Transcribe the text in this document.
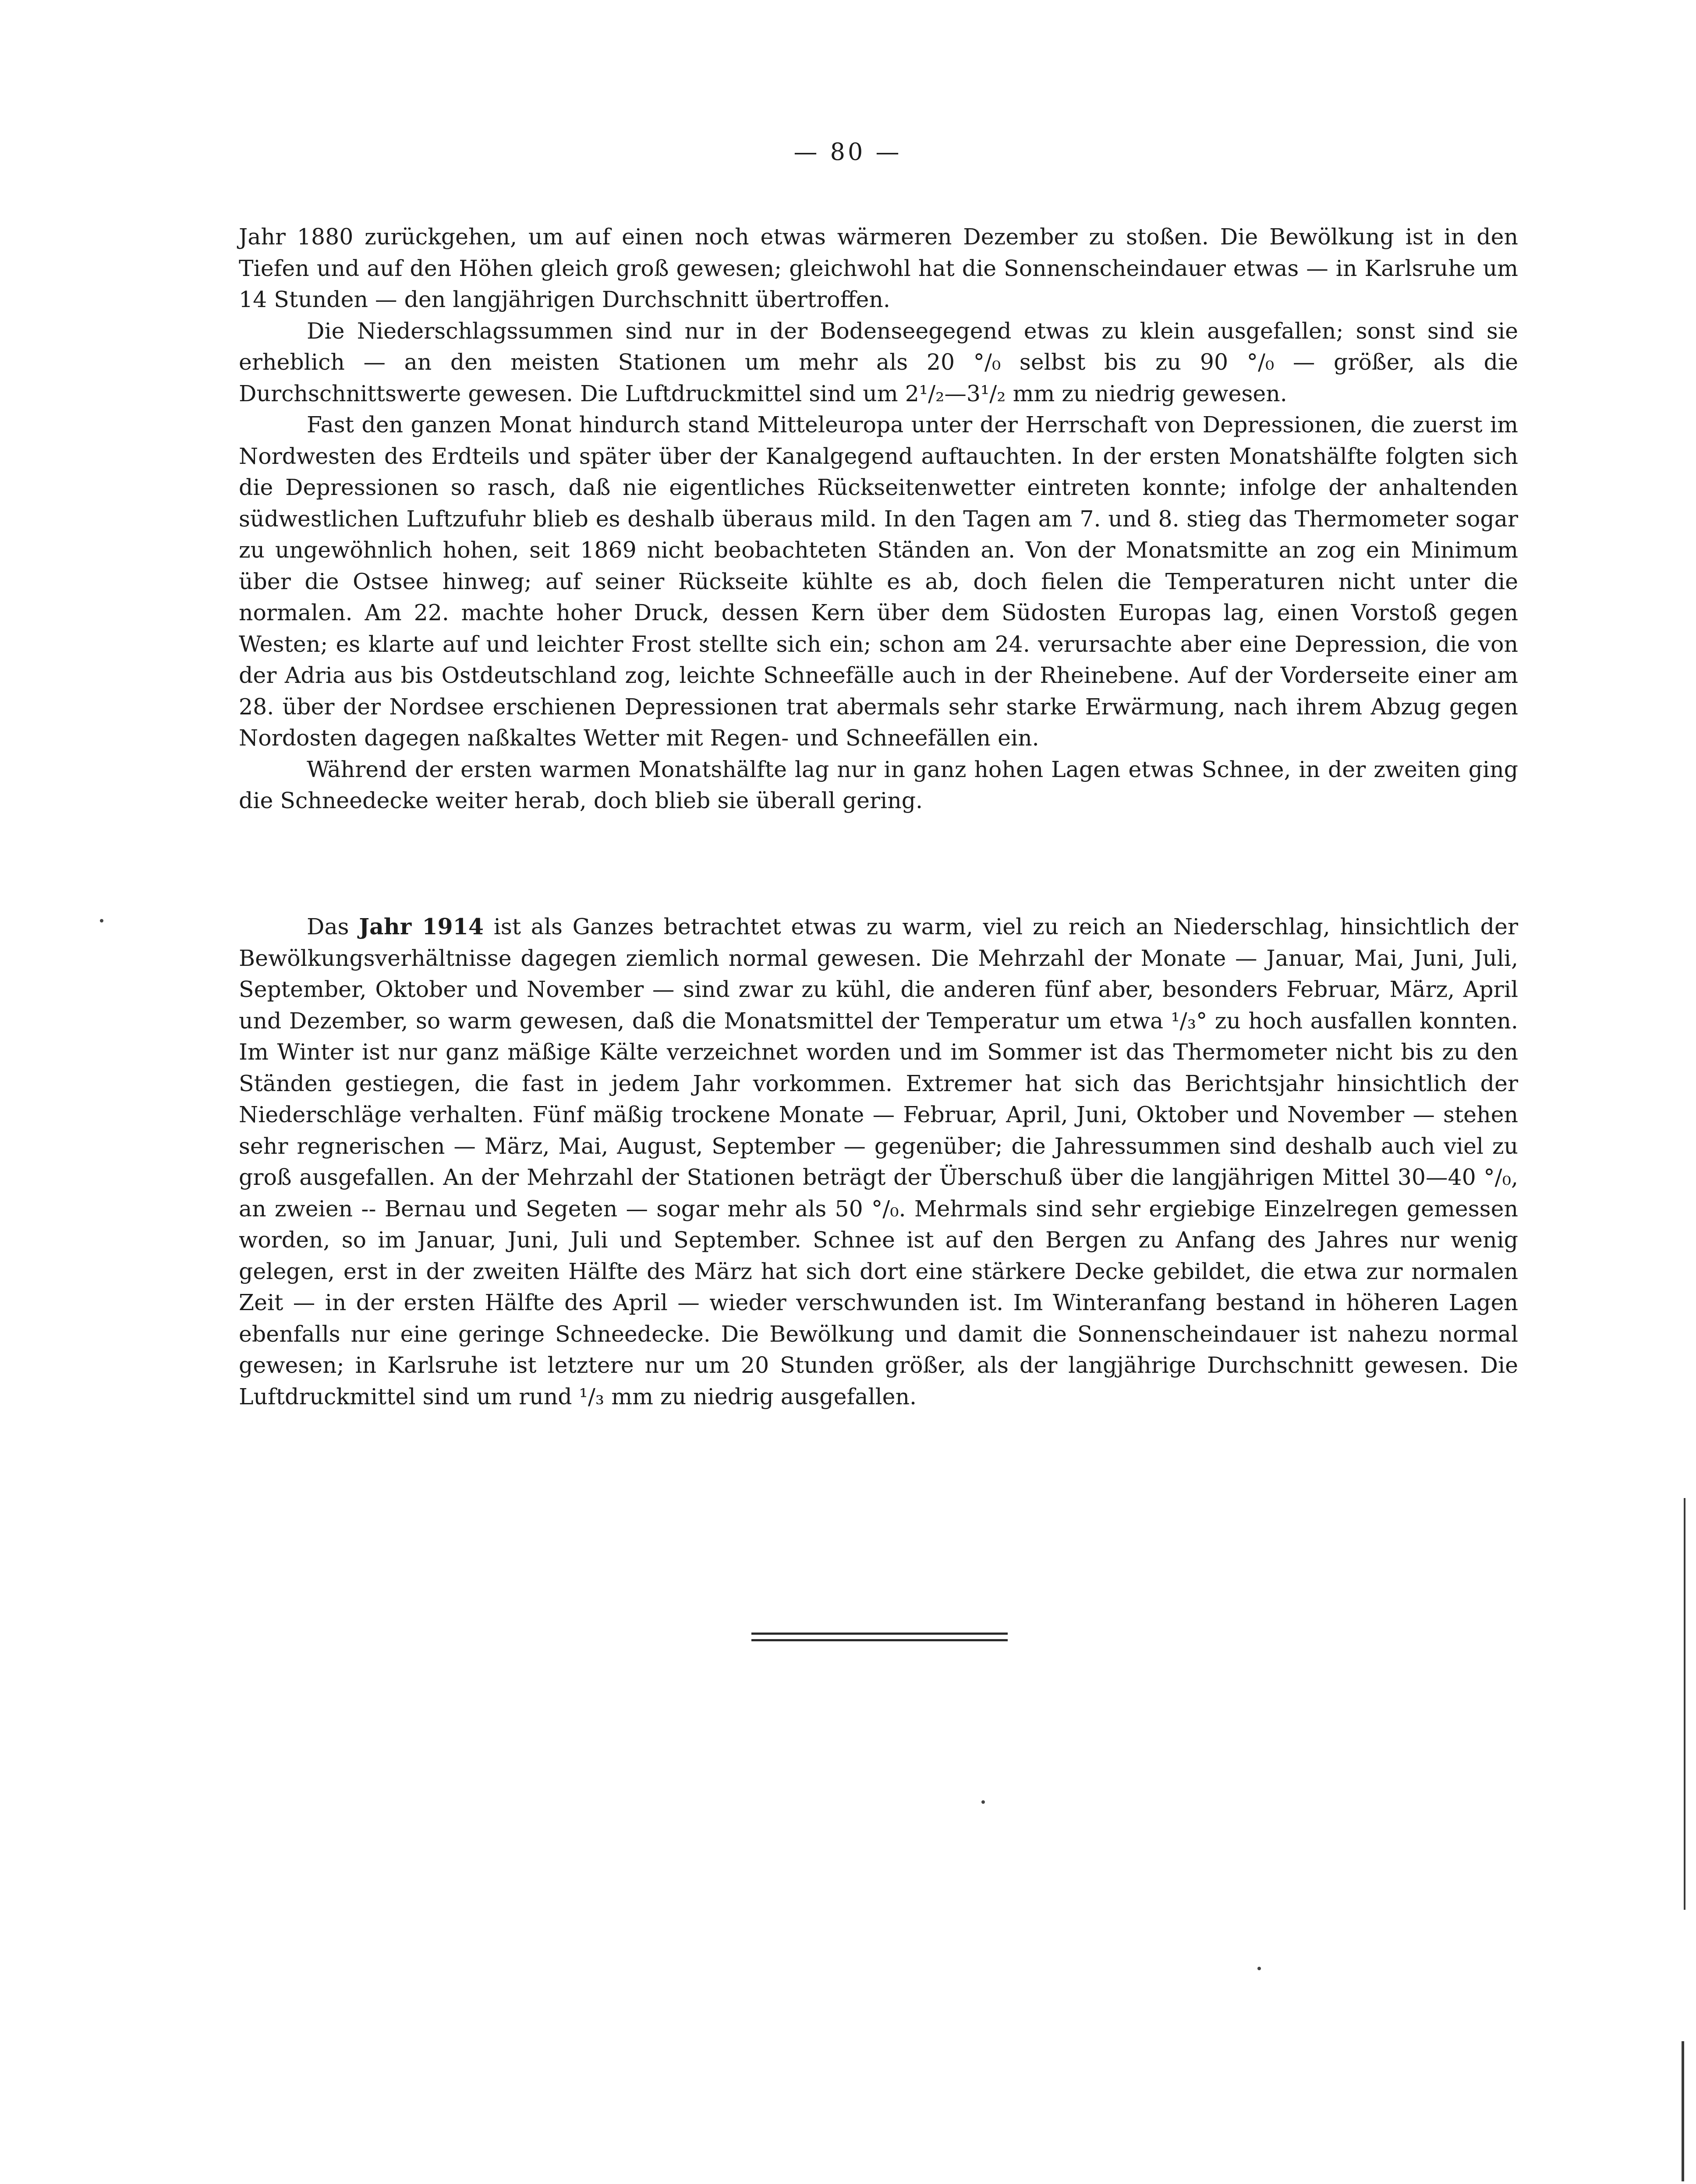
— 80 —

Jahr 1880 zurückgehen, um auf einen noch etwas wärmeren Dezember zu stoßen. Die Bewölkung ist in den Tiefen und auf den Höhen gleich groß gewesen; gleichwohl hat die Sonnenscheindauer etwas — in Karlsruhe um 14 Stunden — den langjährigen Durchschnitt übertroffen.

Die Niederschlagssummen sind nur in der Bodenseegegend etwas zu klein ausgefallen; sonst sind sie erheblich — an den meisten Stationen um mehr als 20 °/₀ selbst bis zu 90 °/₀ — größer, als die Durchschnittswerte gewesen. Die Luftdruckmittel sind um 2¹/₂—3¹/₂ mm zu niedrig gewesen.

Fast den ganzen Monat hindurch stand Mitteleuropa unter der Herrschaft von Depressionen, die zuerst im Nordwesten des Erdteils und später über der Kanalgegend auftauchten. In der ersten Monatshälfte folgten sich die Depressionen so rasch, daß nie eigentliches Rückseitenwetter eintreten konnte; infolge der anhaltenden südwestlichen Luftzufuhr blieb es deshalb überaus mild. In den Tagen am 7. und 8. stieg das Thermometer sogar zu ungewöhnlich hohen, seit 1869 nicht beobachteten Ständen an. Von der Monatsmitte an zog ein Minimum über die Ostsee hinweg; auf seiner Rückseite kühlte es ab, doch fielen die Temperaturen nicht unter die normalen. Am 22. machte hoher Druck, dessen Kern über dem Südosten Europas lag, einen Vorstoß gegen Westen; es klarte auf und leichter Frost stellte sich ein; schon am 24. verursachte aber eine Depression, die von der Adria aus bis Ostdeutschland zog, leichte Schneefälle auch in der Rheinebene. Auf der Vorderseite einer am 28. über der Nordsee erschienen Depressionen trat abermals sehr starke Erwärmung, nach ihrem Abzug gegen Nordosten dagegen naßkaltes Wetter mit Regen- und Schneefällen ein.

Während der ersten warmen Monatshälfte lag nur in ganz hohen Lagen etwas Schnee, in der zweiten ging die Schneedecke weiter herab, doch blieb sie überall gering.

Das Jahr 1914 ist als Ganzes betrachtet etwas zu warm, viel zu reich an Niederschlag, hinsichtlich der Bewölkungsverhältnisse dagegen ziemlich normal gewesen. Die Mehrzahl der Monate — Januar, Mai, Juni, Juli, September, Oktober und November — sind zwar zu kühl, die anderen fünf aber, besonders Februar, März, April und Dezember, so warm gewesen, daß die Monatsmittel der Temperatur um etwa ¹/₃° zu hoch ausfallen konnten. Im Winter ist nur ganz mäßige Kälte verzeichnet worden und im Sommer ist das Thermometer nicht bis zu den Ständen gestiegen, die fast in jedem Jahr vorkommen. Extremer hat sich das Berichtsjahr hinsichtlich der Niederschläge verhalten. Fünf mäßig trockene Monate — Februar, April, Juni, Oktober und November — stehen sehr regnerischen — März, Mai, August, September — gegenüber; die Jahressummen sind deshalb auch viel zu groß ausgefallen. An der Mehrzahl der Stationen beträgt der Überschuß über die langjährigen Mittel 30—40 °/₀, an zweien -- Bernau und Segeten — sogar mehr als 50 °/₀. Mehrmals sind sehr ergiebige Einzelregen gemessen worden, so im Januar, Juni, Juli und September. Schnee ist auf den Bergen zu Anfang des Jahres nur wenig gelegen, erst in der zweiten Hälfte des März hat sich dort eine stärkere Decke gebildet, die etwa zur normalen Zeit — in der ersten Hälfte des April — wieder verschwunden ist. Im Winteranfang bestand in höheren Lagen ebenfalls nur eine geringe Schneedecke. Die Bewölkung und damit die Sonnenscheindauer ist nahezu normal gewesen; in Karlsruhe ist letztere nur um 20 Stunden größer, als der langjährige Durchschnitt gewesen. Die Luftdruckmittel sind um rund ¹/₃ mm zu niedrig ausgefallen.
